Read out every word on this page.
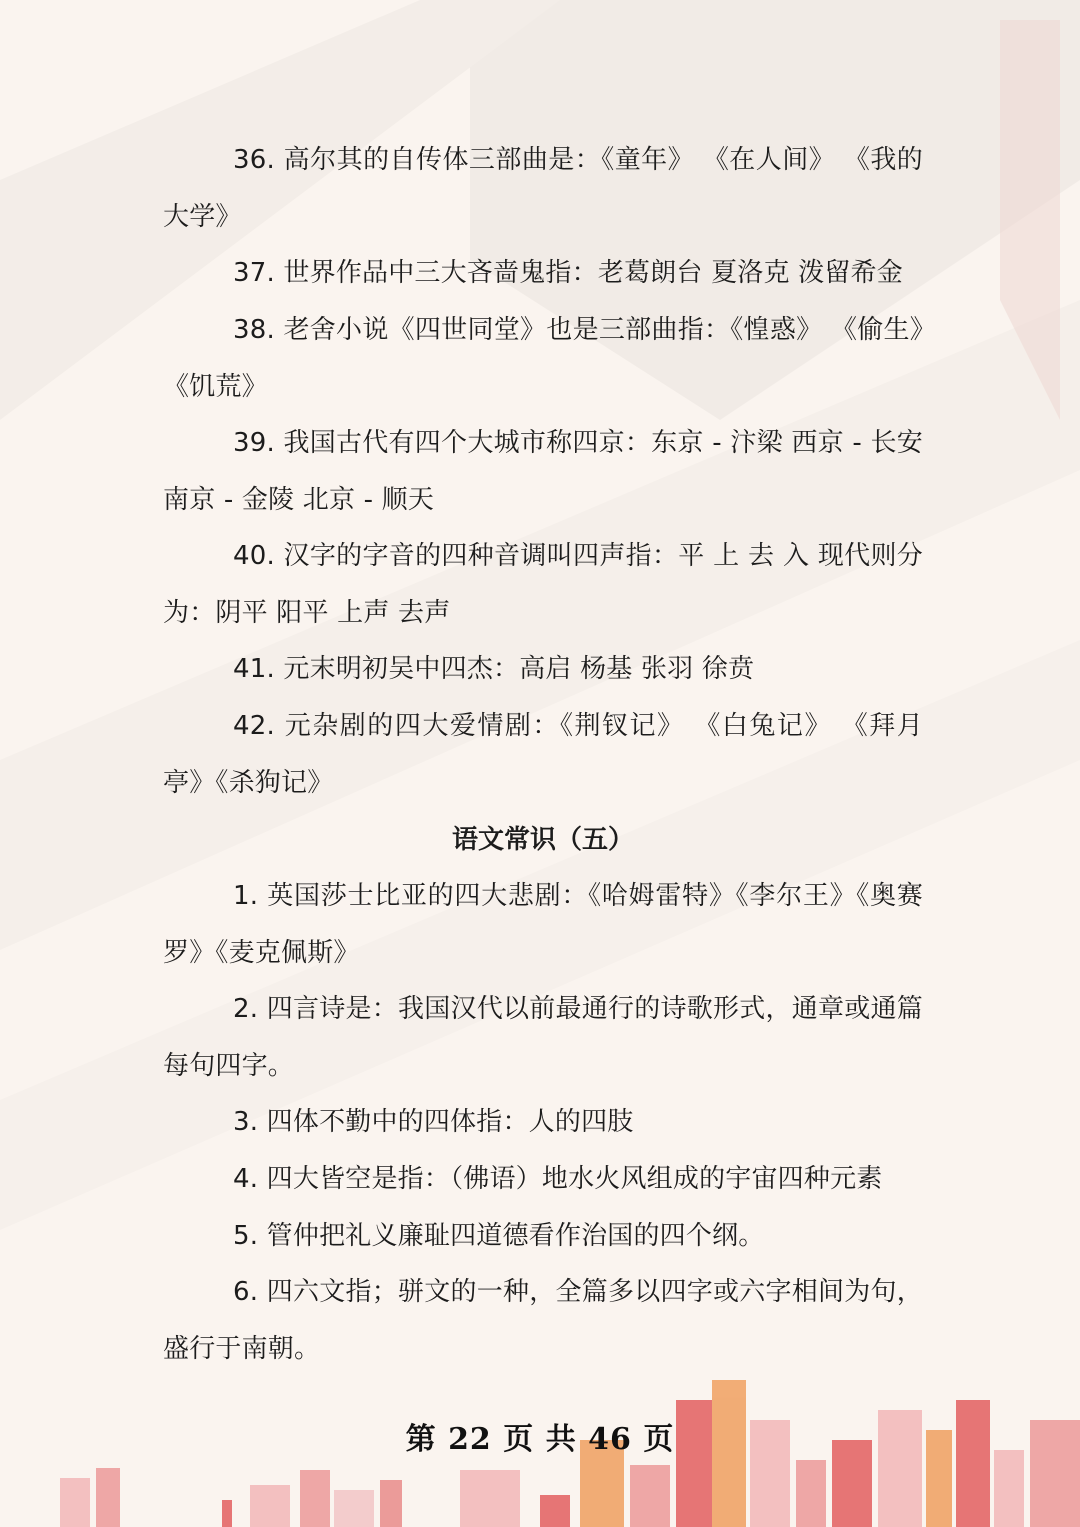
36. 高尔其的自传体三部曲是：《童年》 《在人间》 《我的大学》

37. 世界作品中三大吝啬鬼指：老葛朗台 夏洛克 泼留希金

38. 老舍小说《四世同堂》也是三部曲指：《惶惑》 《偷生》《饥荒》

39. 我国古代有四个大城市称四京：东京 - 汴梁 西京 - 长安南京 - 金陵 北京 - 顺天

40. 汉字的字音的四种音调叫四声指：平 上 去 入 现代则分为：阴平 阳平 上声 去声

41. 元末明初吴中四杰：高启 杨基 张羽 徐贲

42. 元杂剧的四大爱情剧：《荆钗记》 《白兔记》 《拜月亭》《杀狗记》

语文常识（五）

1. 英国莎士比亚的四大悲剧：《哈姆雷特》《李尔王》《奥赛罗》《麦克佩斯》

2. 四言诗是：我国汉代以前最通行的诗歌形式，通章或通篇每句四字。

3. 四体不勤中的四体指：人的四肢

4. 四大皆空是指：（佛语）地水火风组成的宇宙四种元素

5. 管仲把礼义廉耻四道德看作治国的四个纲。

6. 四六文指；骈文的一种，全篇多以四字或六字相间为句，盛行于南朝。

第 22 页 共 46 页
